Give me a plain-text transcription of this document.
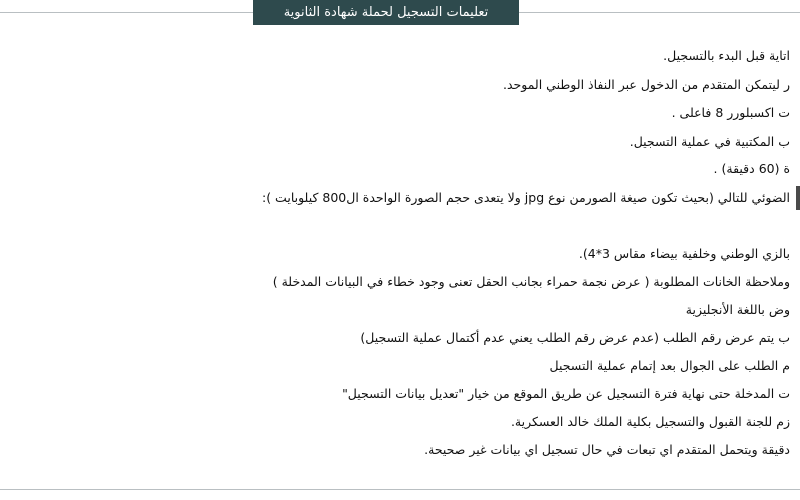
تعليمات التسجيل لحملة شهادة الثانوية
اتاية قبل البدء بالتسجيل.
ر ليتمكن المتقدم من الدخول عبر النفاذ الوطني الموحد.
ت اكسبلورر 8 فاعلى .
ب المكتبية في عملية التسجيل.
ة (60 دقيقة) .
الضوئي للتالي (بحيث تكون صيغة الصورمن نوع jpg ولا يتعدى حجم الصورة الواحدة ال800 كيلوبايت ):
بالزي الوطني وخلفية بيضاء مقاس 3*4).
وملاحظة الخانات المطلوبة ( عرض نجمة حمراء بجانب الحقل تعنى وجود خطاء في البيانات المدخلة )
وض باللغة الأنجليزية
ب يتم عرض رقم الطلب (عدم عرض رقم الطلب يعني عدم أكتمال عملية التسجيل)
م الطلب على الجوال بعد إتمام عملية التسجيل
ت المدخلة حتى نهاية فترة التسجيل عن طريق الموقع من خيار "تعديل بيانات التسجيل"
زم للجنة القبول والتسجيل بكلية الملك خالد العسكرية.
دقيقة ويتحمل المتقدم اي تبعات في حال تسجيل اي بيانات غير صحيحة.
